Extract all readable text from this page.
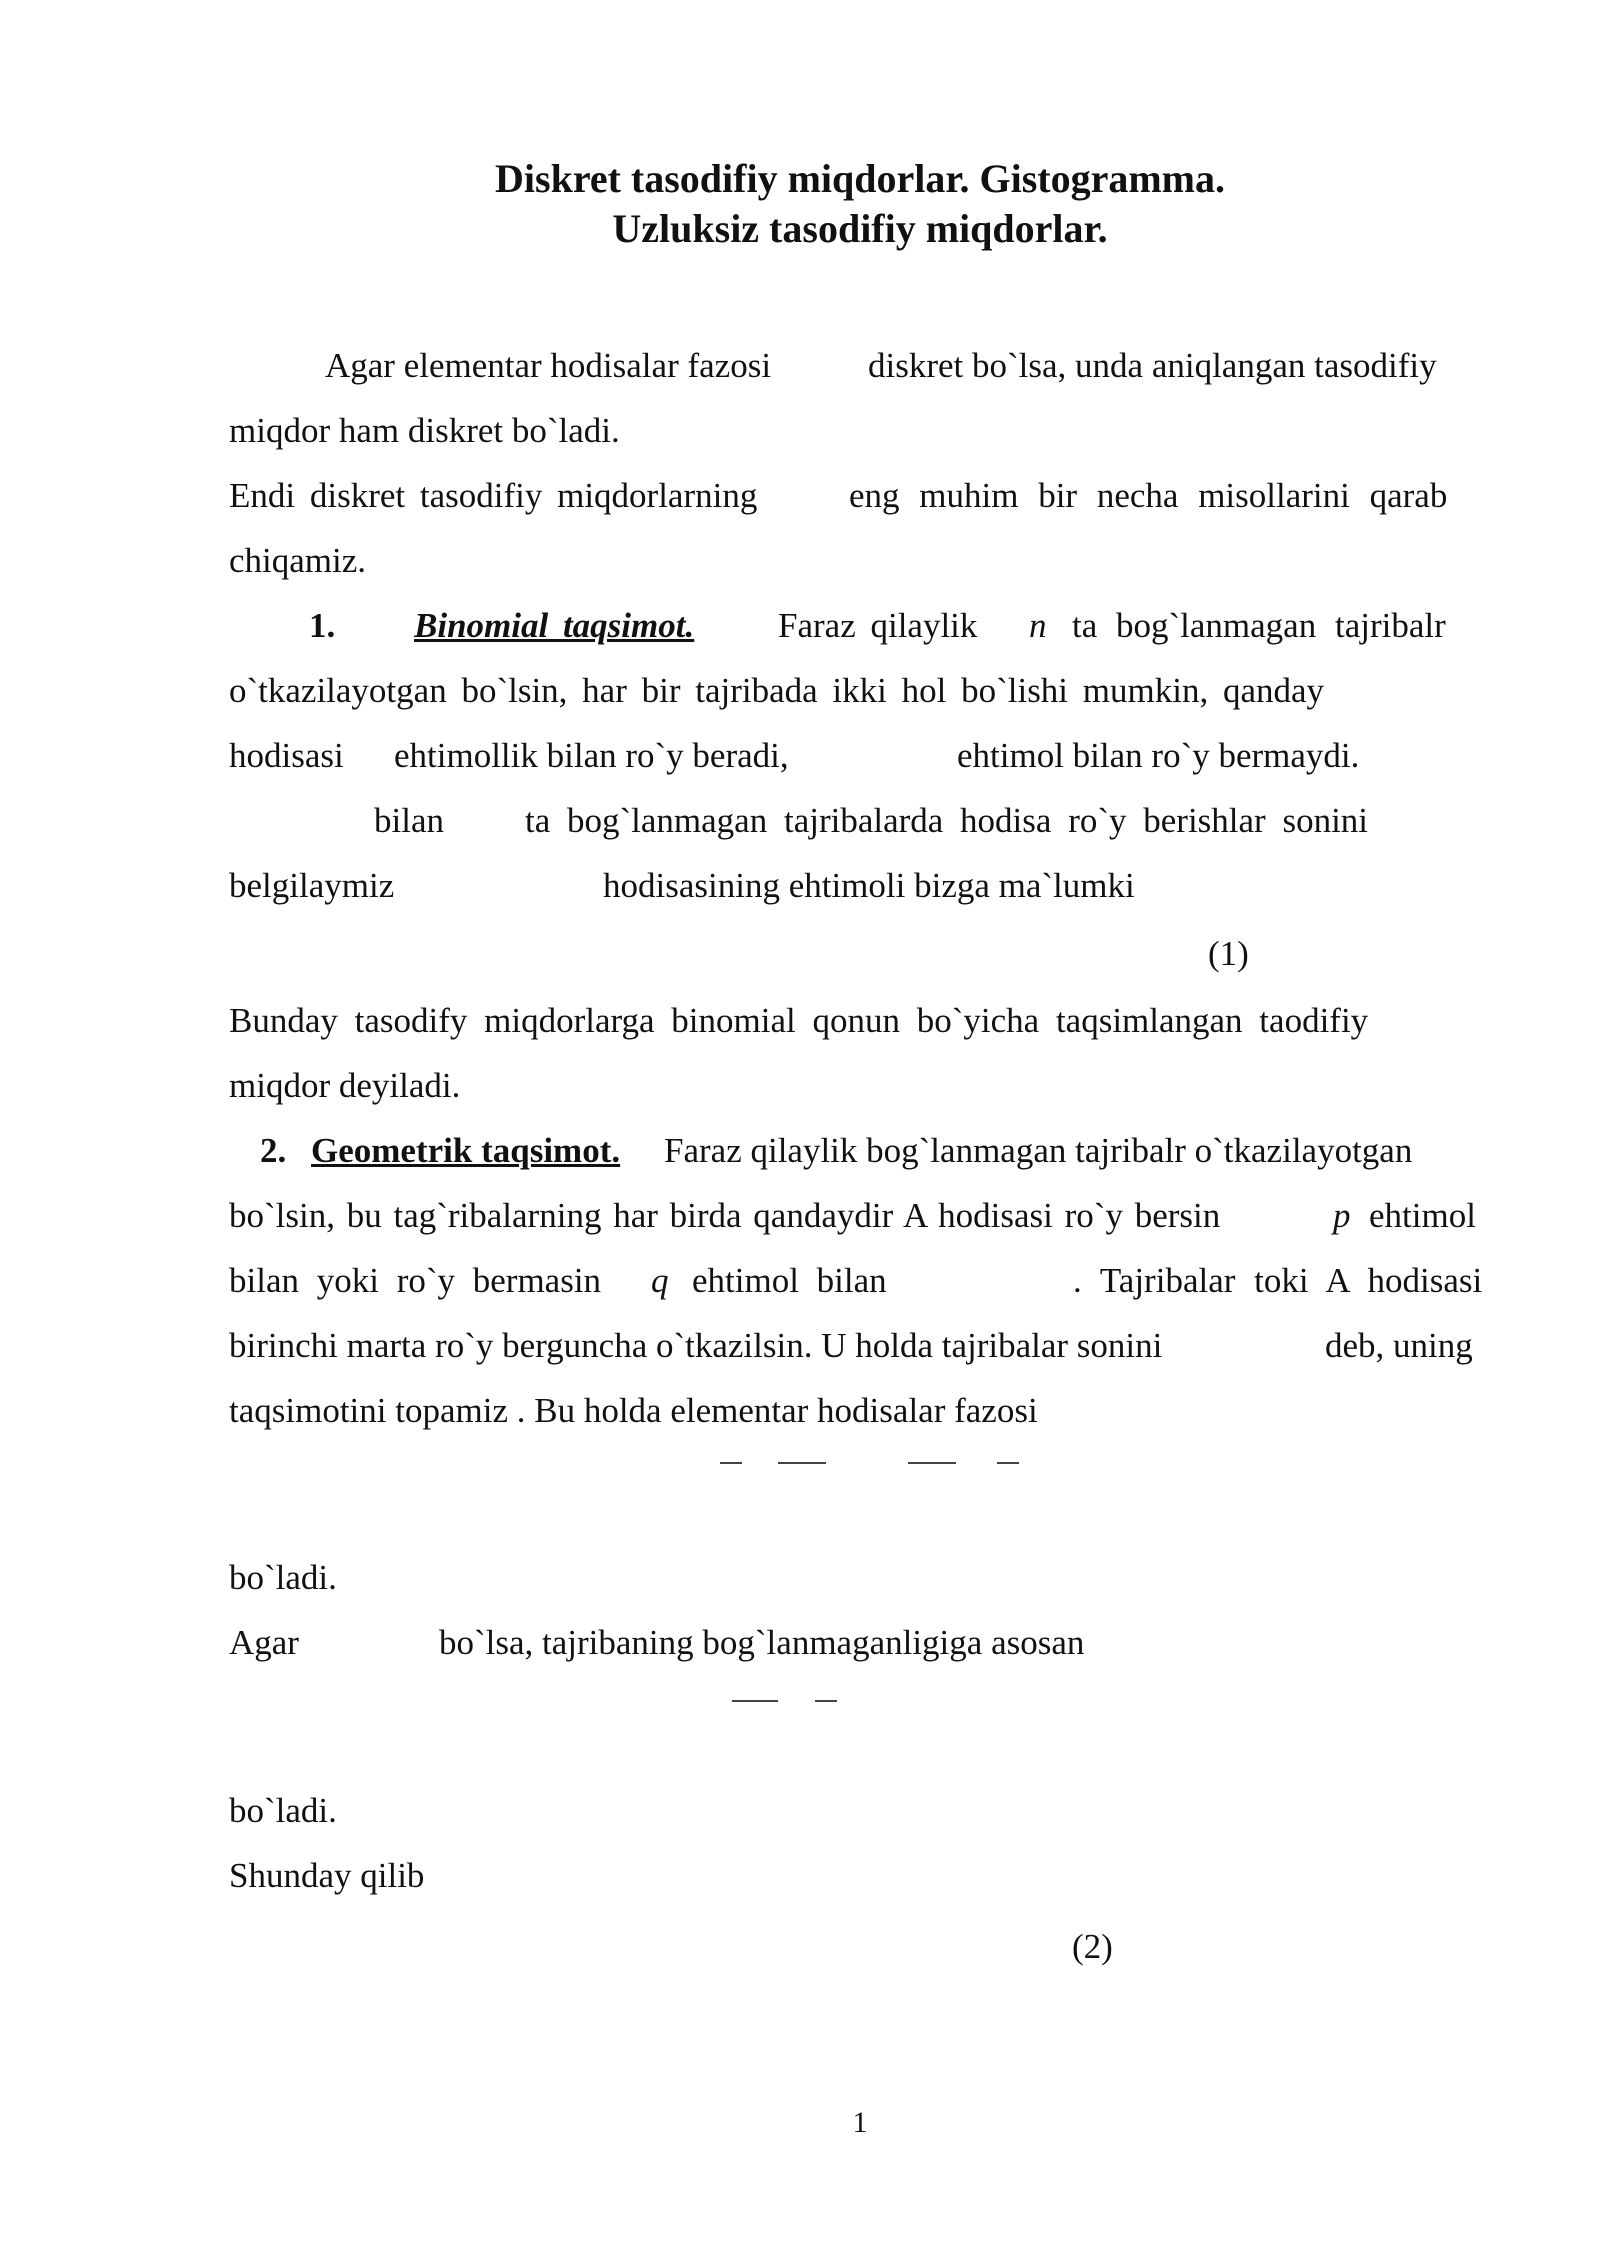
Diskret tasodifiy miqdorlar. Gistogramma.
Uzluksiz tasodifiy miqdorlar.
Agar elementar hodisalar fazosi	diskret bo`lsa, unda aniqlangan tasodifiy
miqdor ham diskret bo`ladi.
Endi diskret tasodifiy miqdorlarning	eng muhim bir necha misollarini qarab
chiqamiz.
1. Binomial taqsimot. Faraz qilaylik n ta bog`lanmagan tajribalr
o`tkazilayotgan bo`lsin, har bir tajribada ikki hol bo`lishi mumkin, qanday
hodisasi ehtimollik bilan ro`y beradi,	ehtimol bilan ro`y bermaydi.
bilan ta bog`lanmagan tajribalarda hodisa ro`y berishlar sonini
belgilaymiz	hodisasining ehtimoli bizga ma`lumki
(1)
Bunday tasodify miqdorlarga binomial qonun bo`yicha taqsimlangan taodifiy
miqdor deyiladi.
2. Geometrik taqsimot. Faraz qilaylik bog`lanmagan tajribalr o`tkazilayotgan
bo`lsin, bu tag`ribalarning har birda qandaydir A hodisasi ro`y bersin	p ehtimol
bilan yoki ro`y bermasin q ehtimol bilan	. Tajribalar toki A hodisasi
birinchi marta ro`y berguncha o`tkazilsin. U holda tajribalar sonini	deb, uning
taqsimotini topamiz . Bu holda elementar hodisalar fazosi
bo`ladi.
Agar	bo`lsa, tajribaning bog`lanmaganligiga asosan
bo`ladi.
Shunday qilib
(2)
1
